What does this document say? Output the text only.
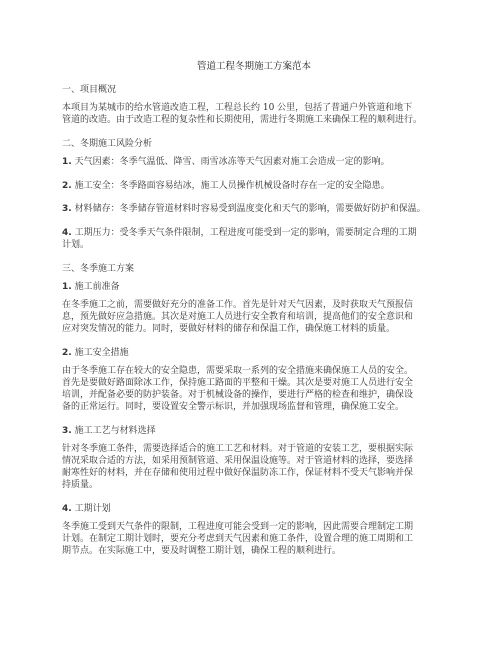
管道工程冬期施工方案范本
一、项目概况
本项目为某城市的给水管道改造工程，工程总长约 10 公里，包括了普通户外管道和地下
管道的改造。由于改造工程的复杂性和长期使用，需进行冬期施工来确保工程的顺利进行。
二、冬期施工风险分析
1. 天气因素：冬季气温低、降雪、雨雪冰冻等天气因素对施工会造成一定的影响。
2. 施工安全：冬季路面容易结冰，施工人员操作机械设备时存在一定的安全隐患。
3. 材料储存：冬季储存管道材料时容易受到温度变化和天气的影响，需要做好防护和保温。
4. 工期压力：受冬季天气条件限制，工程进度可能受到一定的影响，需要制定合理的工期
计划。
三、冬季施工方案
1. 施工前准备
在冬季施工之前，需要做好充分的准备工作。首先是针对天气因素，及时获取天气预报信
息，预先做好应急措施。其次是对施工人员进行安全教育和培训，提高他们的安全意识和
应对突发情况的能力。同时，要做好材料的储存和保温工作，确保施工材料的质量。
2. 施工安全措施
由于冬季施工存在较大的安全隐患，需要采取一系列的安全措施来确保施工人员的安全。
首先是要做好路面除冰工作，保持施工路面的平整和干燥。其次是要对施工人员进行安全
培训，并配备必要的防护装备。对于机械设备的操作，要进行严格的检查和维护，确保设
备的正常运行。同时，要设置安全警示标识，并加强现场监督和管理，确保施工安全。
3. 施工工艺与材料选择
针对冬季施工条件，需要选择适合的施工工艺和材料。对于管道的安装工艺，要根据实际
情况采取合适的方法，如采用预制管道、采用保温设施等。对于管道材料的选择，要选择
耐寒性好的材料，并在存储和使用过程中做好保温防冻工作，保证材料不受天气影响并保
持质量。
4. 工期计划
冬季施工受到天气条件的限制，工程进度可能会受到一定的影响，因此需要合理制定工期
计划。在制定工期计划时，要充分考虑到天气因素和施工条件，设置合理的施工周期和工
期节点。在实际施工中，要及时调整工期计划，确保工程的顺利进行。
